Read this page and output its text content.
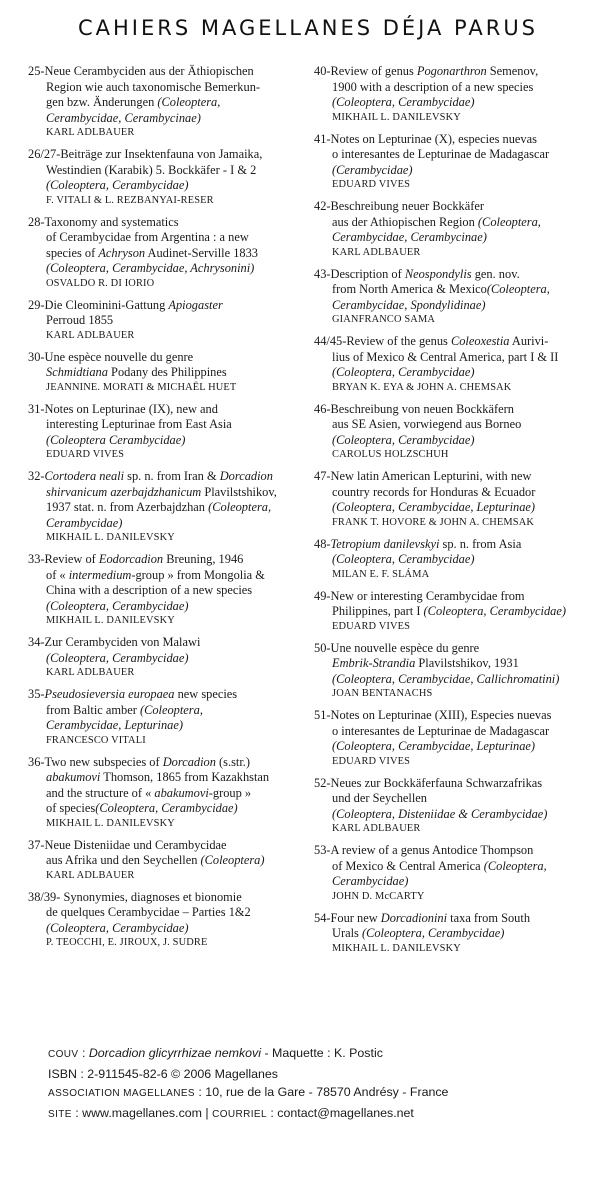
CAHIERS MAGELLANES DÉJA PARUS
25-Neue Cerambyciden aus der Äthiopischen
Region wie auch taxonomische Bemerkun-
gen bzw. Änderungen (Coleoptera,
Cerambycidae, Cerambycinae)
KARL ADLBAUER
26/27-Beiträge zur Insektenfauna von Jamaika,
Westindien (Karabik) 5. Bockkäfer - I & 2
(Coleoptera, Cerambycidae)
F. VITALI & L. REZBANYAI-RESER
28-Taxonomy and systematics
of Cerambycidae from Argentina : a new
species of Achryson Audinet-Serville 1833
(Coleoptera, Cerambycidae, Achrysonini)
OSVALDO R. DI IORIO
29-Die Cleominini-Gattung Apiogaster
Perroud 1855
KARL ADLBAUER
30-Une espèce nouvelle du genre
Schmidtiana Podany des Philippines
JEANNINE. MORATI & MICHAËL HUET
31-Notes on Lepturinae (IX), new and
interesting Lepturinae from East Asia
(Coleoptera Cerambycidae)
EDUARD VIVES
32-Cortodera neali sp. n. from Iran & Dorcadion
shirvanicum azerbajdzhanicum Plavilstshikov,
1937 stat. n. from Azerbajdzhan (Coleoptera,
Cerambycidae)
MIKHAIL L. DANILEVSKY
33-Review of Eodorcadion Breuning, 1946
of « intermedium-group » from Mongolia &
China with a description of a new species
(Coleoptera, Cerambycidae)
MIKHAIL L. DANILEVSKY
34-Zur Cerambyciden von Malawi
(Coleoptera, Cerambycidae)
KARL ADLBAUER
35-Pseudosieversia europaea new species
from Baltic amber (Coleoptera,
Cerambycidae, Lepturinae)
FRANCESCO VITALI
36-Two new subspecies of Dorcadion (s.str.)
abakumovi Thomson, 1865 from Kazakhstan
and the structure of « abakumovi-group »
of species(Coleoptera, Cerambycidae)
MIKHAIL L. DANILEVSKY
37-Neue Disteniidae und Cerambycidae
aus Afrika und den Seychellen (Coleoptera)
KARL ADLBAUER
38/39- Synonymies, diagnoses et bionomie
de quelques Cerambycidae – Parties 1&2
(Coleoptera, Cerambycidae)
P. TEOCCHI, E. JIROUX, J. SUDRE
40-Review of genus Pogonarthron Semenov,
1900 with a description of a new species
(Coleoptera, Cerambycidae)
MIKHAIL L. DANILEVSKY
41-Notes on Lepturinae (X), especies nuevas
o interesantes de Lepturinae de Madagascar
(Cerambycidae)
EDUARD VIVES
42-Beschreibung neuer Bockkäfer
aus der Athiopischen Region (Coleoptera,
Cerambycidae, Cerambycinae)
KARL ADLBAUER
43-Description of Neospondylis gen. nov.
from North America & Mexico(Coleoptera,
Cerambycidae, Spondylidinae)
GIANFRANCO SAMA
44/45-Review of the genus Coleoxestia Aurivi-
lius of Mexico & Central America, part I & II
(Coleoptera, Cerambycidae)
BRYAN K. EYA & JOHN A. CHEMSAK
46-Beschreibung von neuen Bockkäfern
aus SE Asien, vorwiegend aus Borneo
(Coleoptera, Cerambycidae)
CAROLUS HOLZSCHUH
47-New latin American Lepturini, with new
country records for Honduras & Ecuador
(Coleoptera, Cerambycidae, Lepturinae)
FRANK T. HOVORE & JOHN A. CHEMSAK
48-Tetropium danilevskyi sp. n. from Asia
(Coleoptera, Cerambycidae)
MILAN E. F. SLÁMA
49-New or interesting Cerambycidae from
Philippines, part I (Coleoptera, Cerambycidae)
EDUARD VIVES
50-Une nouvelle espèce du genre
Embrik-Strandia Plavilstshikov, 1931
(Coleoptera, Cerambycidae, Callichromatini)
JOAN BENTANACHS
51-Notes on Lepturinae (XIII), Especies nuevas
o interesantes de Lepturinae de Madagascar
(Coleoptera, Cerambycidae, Lepturinae)
EDUARD VIVES
52-Neues zur Bockkäferfauna Schwarzafrikas
und der Seychellen
(Coleoptera, Disteniidae & Cerambycidae)
KARL ADLBAUER
53-A review of a genus Antodice Thompson
of Mexico & Central America (Coleoptera,
Cerambycidae)
JOHN D. McCARTY
54-Four new Dorcadionini taxa from South
Urals (Coleoptera, Cerambycidae)
MIKHAIL L. DANILEVSKY
COUV : Dorcadion glicyrrhizae nemkovi - Maquette : K. Postic
ISBN : 2-911545-82-6 © 2006 Magellanes
ASSOCIATION MAGELLANES : 10, rue de la Gare - 78570 Andrésy - France
SITE : www.magellanes.com | COURRIEL : contact@magellanes.net
